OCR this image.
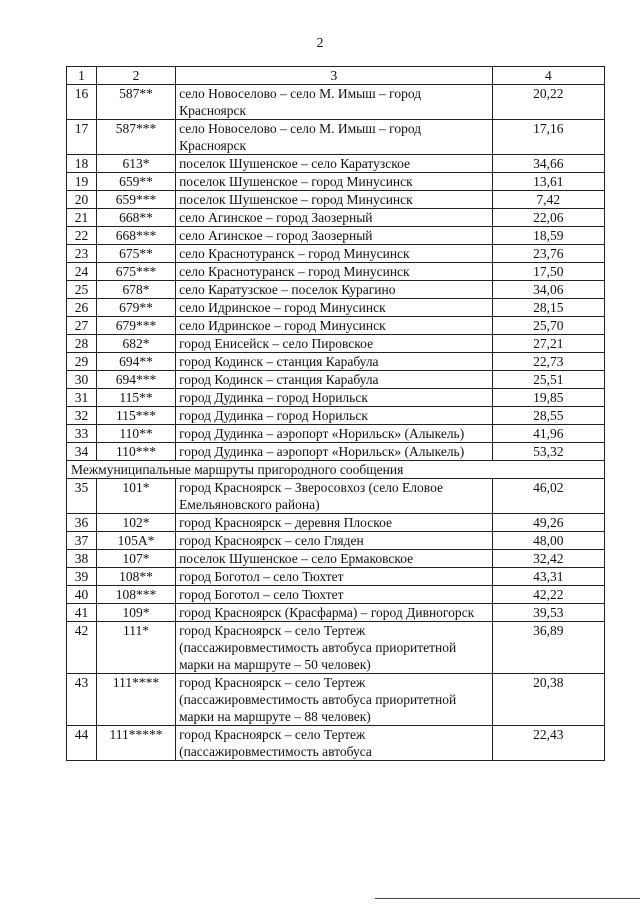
2
1	2	3	4
16	587**	село Новоселово – село М. Имыш – город Красноярск	20,22
17	587***	село Новоселово – село М. Имыш – город Красноярск	17,16
18	613*	поселок Шушенское – село Каратузское	34,66
19	659**	поселок Шушенское – город Минусинск	13,61
20	659***	поселок Шушенское – город Минусинск	7,42
21	668**	село Агинское – город Заозерный	22,06
22	668***	село Агинское – город Заозерный	18,59
23	675**	село Краснотуранск – город Минусинск	23,76
24	675***	село Краснотуранск – город Минусинск	17,50
25	678*	село Каратузское – поселок Курагино	34,06
26	679**	село Идринское – город Минусинск	28,15
27	679***	село Идринское – город Минусинск	25,70
28	682*	город Енисейск – село Пировское	27,21
29	694**	город Кодинск – станция Карабула	22,73
30	694***	город Кодинск – станция Карабула	25,51
31	115**	город Дудинка – город Норильск	19,85
32	115***	город Дудинка – город Норильск	28,55
33	110**	город Дудинка – аэропорт «Норильск» (Алыкель)	41,96
34	110***	город Дудинка – аэропорт «Норильск» (Алыкель)	53,32
Межмуниципальные маршруты пригородного сообщения			
35	101*	город Красноярск – Зверосовхоз (село Еловое Емельяновского района)	46,02
36	102*	город Красноярск – деревня Плоское	49,26
37	105А*	город Красноярск – село Гляден	48,00
38	107*	поселок Шушенское – село Ермаковское	32,42
39	108**	город Боготол – село Тюхтет	43,31
40	108***	город Боготол – село Тюхтет	42,22
41	109*	город Красноярск (Красфарма) – город Дивногорск	39,53
42	111*	город Красноярск – село Тертеж (пассажировместимость автобуса приоритетной марки на маршруте – 50 человек)	36,89
43	111****	город Красноярск – село Тертеж (пассажировместимость автобуса приоритетной марки на маршруте – 88 человек)	20,38
44	111*****	город Красноярск – село Тертеж (пассажировместимость автобуса	22,43
